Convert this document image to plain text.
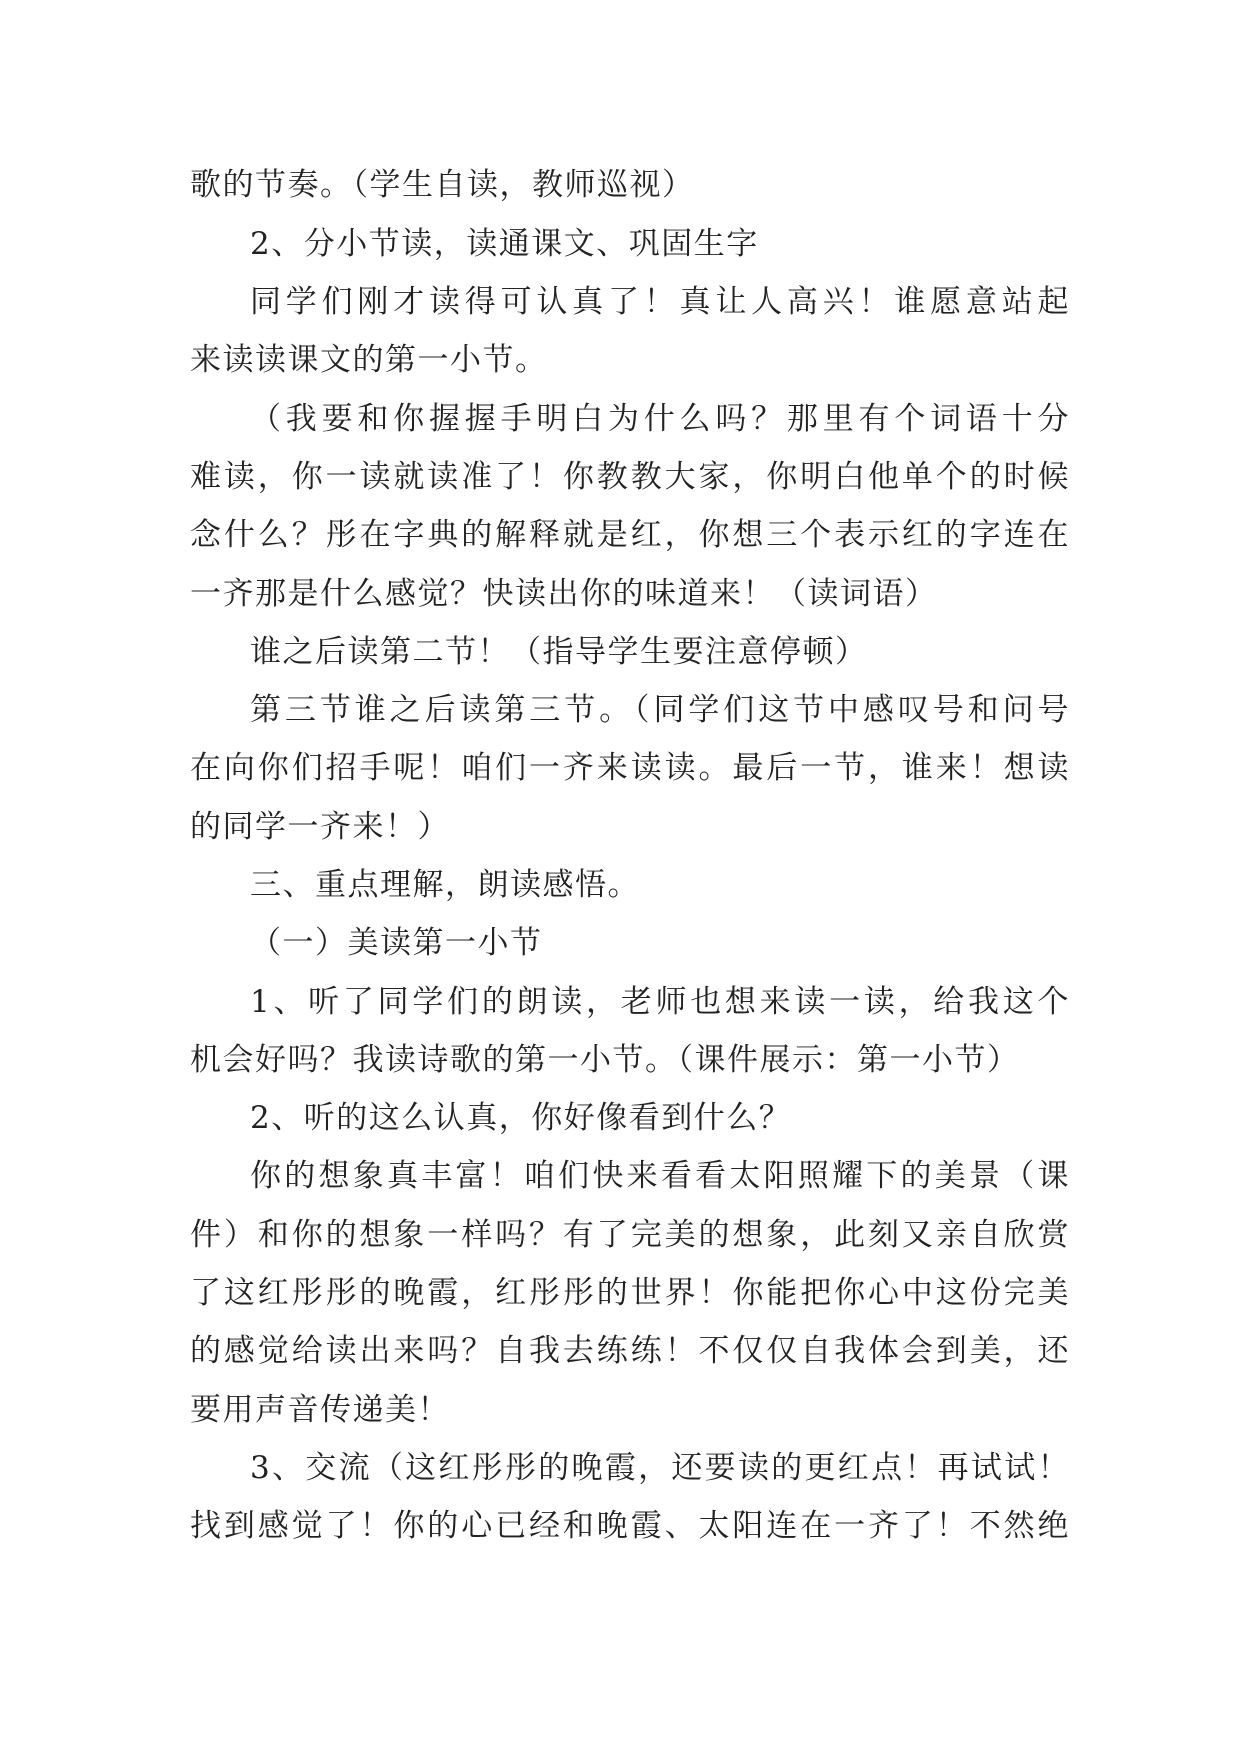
歌的节奏。（学生自读，教师巡视）
2、分小节读，读通课文、巩固生字
同学们刚才读得可认真了！真让人高兴！谁愿意站起
来读读课文的第一小节。
（我要和你握握手明白为什么吗？那里有个词语十分
难读，你一读就读准了！你教教大家，你明白他单个的时候
念什么？彤在字典的解释就是红，你想三个表示红的字连在
一齐那是什么感觉？快读出你的味道来！（读词语）
谁之后读第二节！（指导学生要注意停顿）
第三节谁之后读第三节。（同学们这节中感叹号和问号
在向你们招手呢！咱们一齐来读读。最后一节，谁来！想读
的同学一齐来！）
三、重点理解，朗读感悟。
（一）美读第一小节
1、听了同学们的朗读，老师也想来读一读，给我这个
机会好吗？我读诗歌的第一小节。（课件展示：第一小节）
2、听的这么认真，你好像看到什么？
你的想象真丰富！咱们快来看看太阳照耀下的美景（课
件）和你的想象一样吗？有了完美的想象，此刻又亲自欣赏
了这红彤彤的晚霞，红彤彤的世界！你能把你心中这份完美
的感觉给读出来吗？自我去练练！不仅仅自我体会到美，还
要用声音传递美！
3、交流（这红彤彤的晚霞，还要读的更红点！再试试！
找到感觉了！你的心已经和晚霞、太阳连在一齐了！不然绝
